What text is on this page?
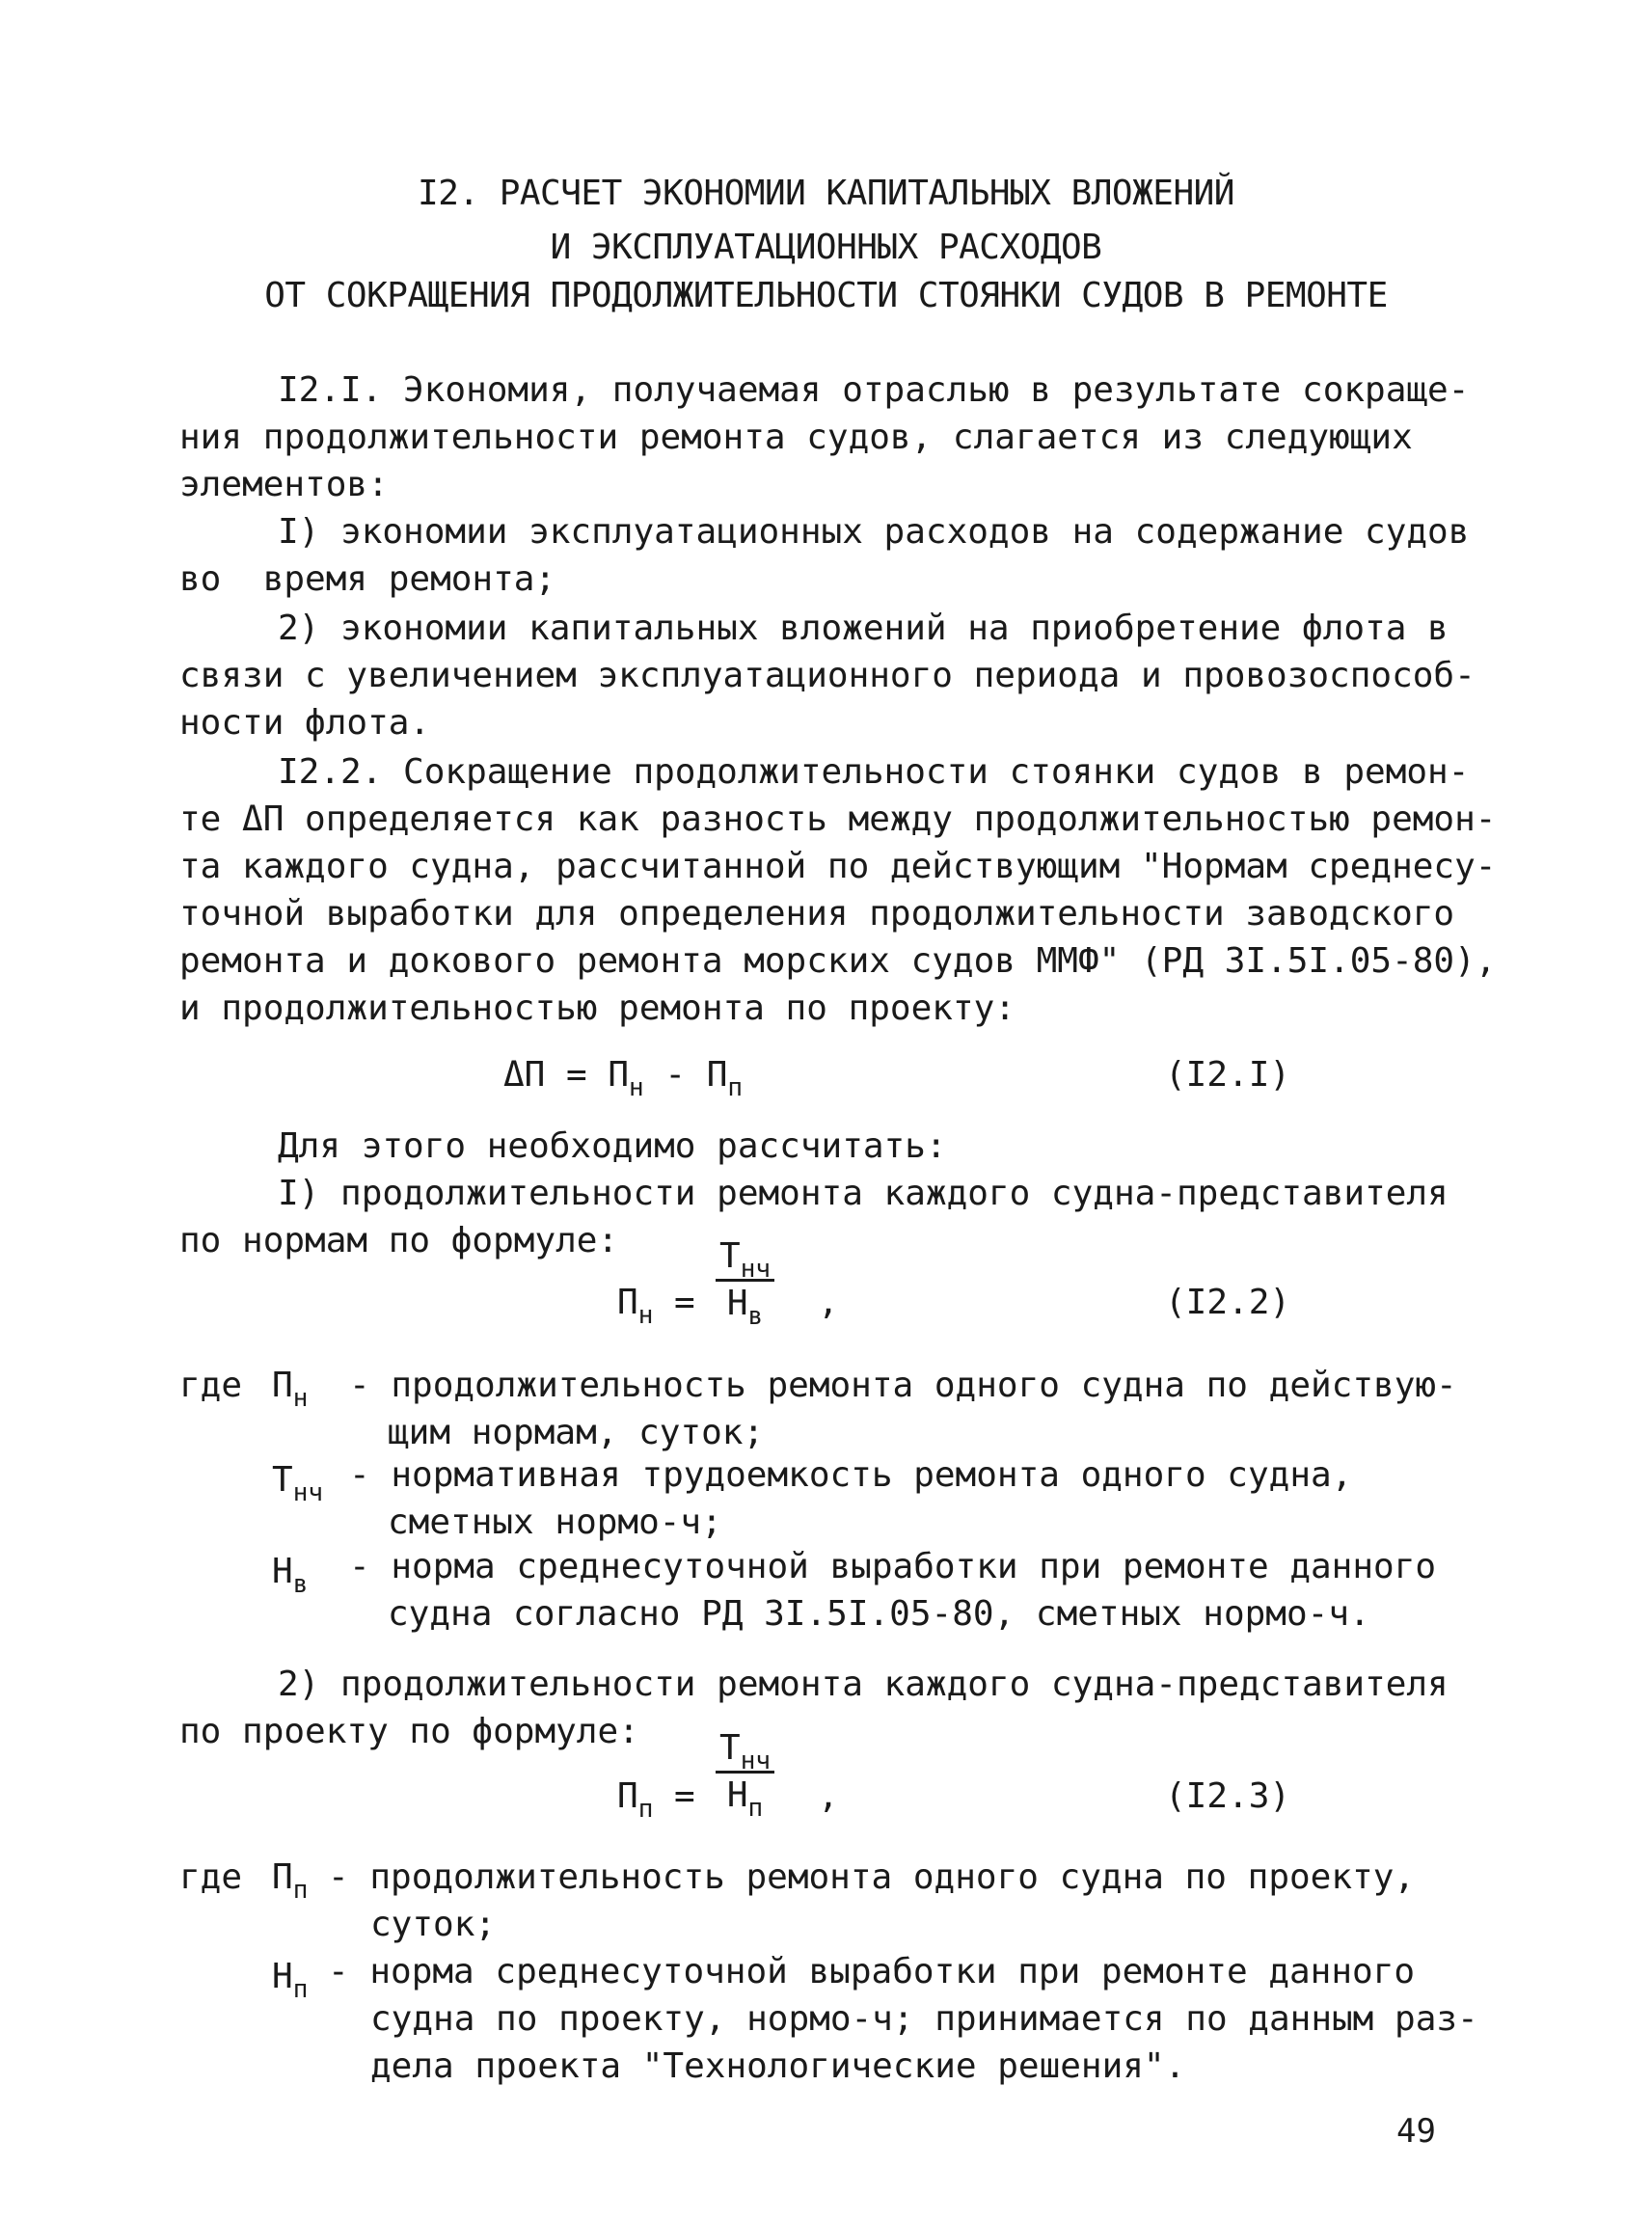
I2. РАСЧЕТ ЭКОНОМИИ КАПИТАЛЬНЫХ ВЛОЖЕНИЙ
И ЭКСПЛУАТАЦИОННЫХ РАСХОДОВ
ОТ СОКРАЩЕНИЯ ПРОДОЛЖИТЕЛЬНОСТИ СТОЯНКИ СУДОВ В РЕМОНТЕ
I2.I. Экономия, получаемая отраслью в результате сокраще-
ния продолжительности ремонта судов, слагается из следующих
элементов:
I) экономии эксплуатационных расходов на содержание судов
во  время ремонта;
2) экономии капитальных вложений на приобретение флота в
связи с увеличением эксплуатационного периода и провозоспособ-
ности флота.
I2.2. Сокращение продолжительности стоянки судов в ремон-
те ΔП определяется как разность между продолжительностью ремон-
та каждого судна, рассчитанной по действующим "Нормам среднесу-
точной выработки для определения продолжительности заводского
ремонта и докового ремонта морских судов ММФ" (РД 3I.5I.05-80),
и продолжительностью ремонта по проекту:
$\Delta П = П_н - П_п$	(I2.I)
Для этого необходимо рассчитать:
I) продолжительности ремонта каждого судна-представителя
по нормам по формуле:
$П_н$ =
$Т_{нч}$
$Н_в$	,	(I2.2)
где $П_н$ - продолжительность ремонта одного судна по действую-
щим нормам, суток;
$Т_{нч}$ - нормативная трудоемкость ремонта одного судна,
сметных нормо-ч;
$Н_в$ - норма среднесуточной выработки при ремонте данного
судна согласно РД 3I.5I.05-80, сметных нормо-ч.
2) продолжительности ремонта каждого судна-представителя
по проекту по формуле:
$П_п$ =
$Т_{нч}$
$Н_п$	,	(I2.3)
где $П_п$ - продолжительность ремонта одного судна по проекту,
суток;
$Н_п$ - норма среднесуточной выработки при ремонте данного
судна по проекту, нормо-ч; принимается по данным раз-
дела проекта "Технологические решения".
49
